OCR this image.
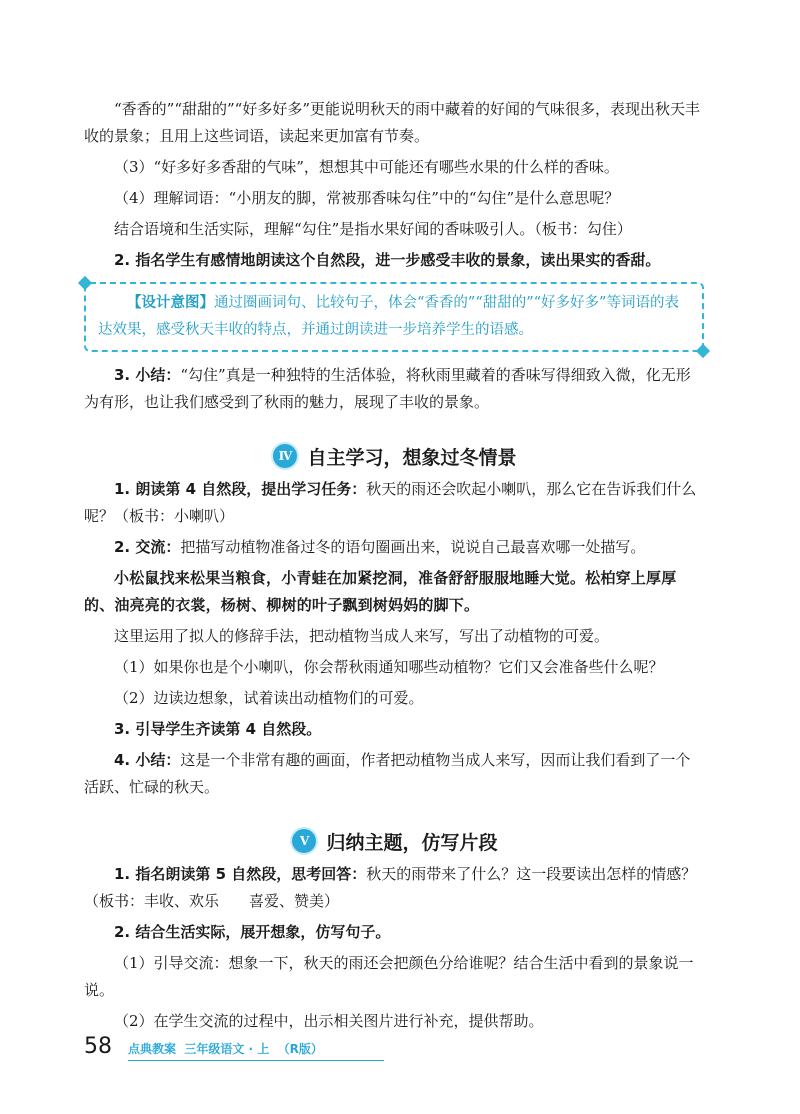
“香香的”“甜甜的”“好多好多”更能说明秋天的雨中藏着的好闻的气味很多，表现出秋天丰收的景象；且用上这些词语，读起来更加富有节奏。

（3）“好多好多香甜的气味”，想想其中可能还有哪些水果的什么样的香味。

（4）理解词语：“小朋友的脚，常被那香味勾住”中的“勾住”是什么意思呢？

结合语境和生活实际，理解“勾住”是指水果好闻的香味吸引人。（板书：勾住）

2. 指名学生有感情地朗读这个自然段，进一步感受丰收的景象，读出果实的香甜。

【设计意图】通过圈画词句、比较句子，体会“香香的”“甜甜的”“好多好多”等词语的表达效果，感受秋天丰收的特点，并通过朗读进一步培养学生的语感。

3. 小结：“勾住”真是一种独特的生活体验，将秋雨里藏着的香味写得细致入微，化无形为有形，也让我们感受到了秋雨的魅力，展现了丰收的景象。

Ⅳ 自主学习，想象过冬情景

1. 朗读第 4 自然段，提出学习任务：秋天的雨还会吹起小喇叭，那么它在告诉我们什么呢？（板书：小喇叭）

2. 交流：把描写动植物准备过冬的语句圈画出来，说说自己最喜欢哪一处描写。

小松鼠找来松果当粮食，小青蛙在加紧挖洞，准备舒舒服服地睡大觉。松柏穿上厚厚的、油亮亮的衣裳，杨树、柳树的叶子飘到树妈妈的脚下。

这里运用了拟人的修辞手法，把动植物当成人来写，写出了动植物的可爱。

（1）如果你也是个小喇叭，你会帮秋雨通知哪些动植物？它们又会准备些什么呢？

（2）边读边想象，试着读出动植物们的可爱。

3. 引导学生齐读第 4 自然段。

4. 小结：这是一个非常有趣的画面，作者把动植物当成人来写，因而让我们看到了一个活跃、忙碌的秋天。

Ⅴ 归纳主题，仿写片段

1. 指名朗读第 5 自然段，思考回答：秋天的雨带来了什么？这一段要读出怎样的情感？（板书：丰收、欢乐　　喜爱、赞美）

2. 结合生活实际，展开想象，仿写句子。

（1）引导交流：想象一下，秋天的雨还会把颜色分给谁呢？结合生活中看到的景象说一说。

（2）在学生交流的过程中，出示相关图片进行补充，提供帮助。

58 点典教案  三年级语文 · 上  （R版）
